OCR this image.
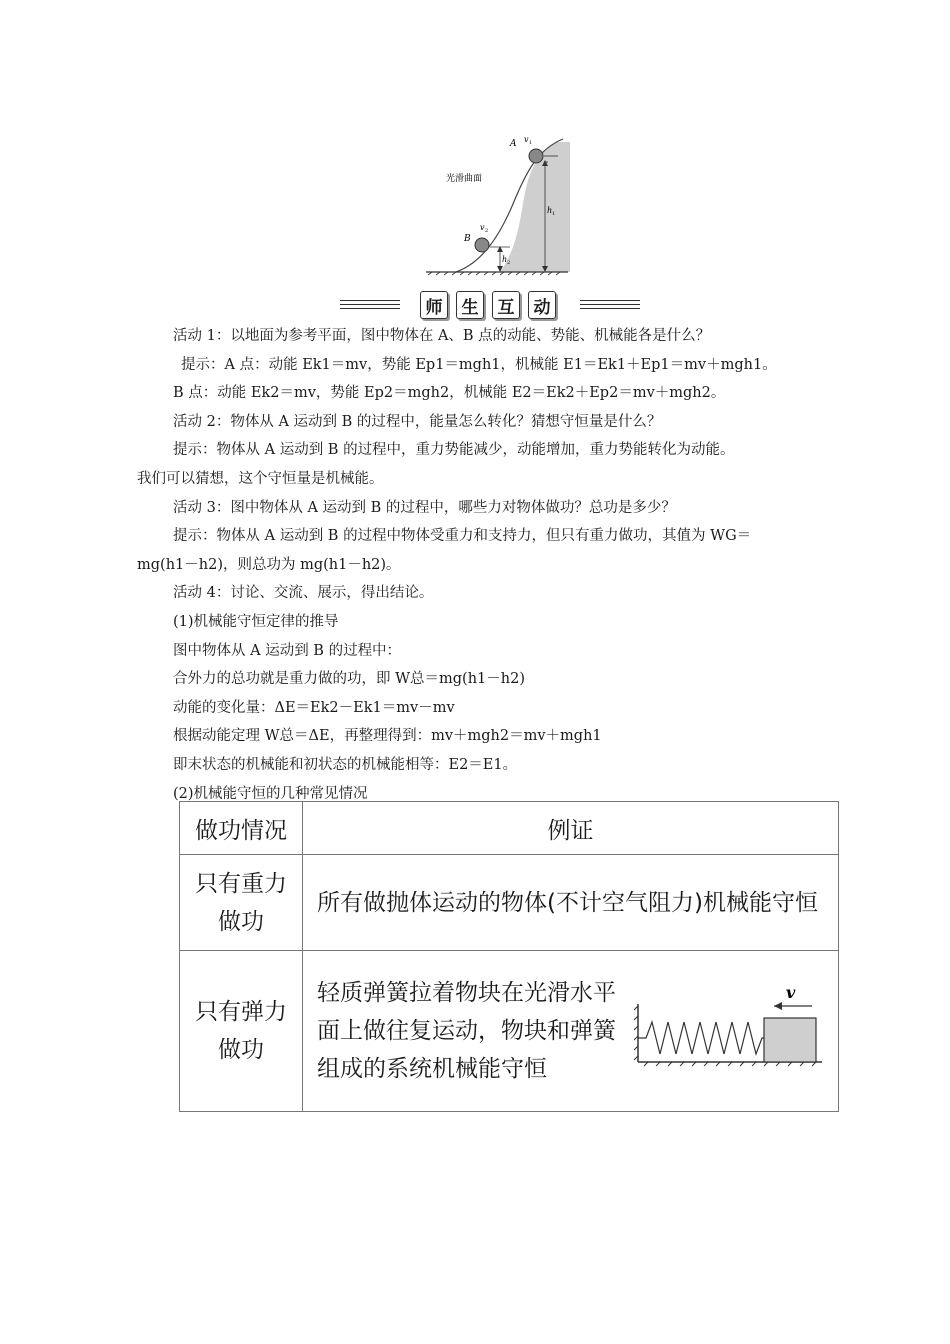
光滑曲面
A v 1
B
v 2
h 1
h 2
师	生	互	动

活动 1：以地面为参考平面，图中物体在 A、B 点的动能、势能、机械能各是什么？

提示：A 点：动能 Ek1＝mv，势能 Ep1＝mgh1，机械能 E1＝Ek1＋Ep1＝mv＋mgh1。

B 点：动能 Ek2＝mv，势能 Ep2＝mgh2，机械能 E2＝Ek2＋Ep2＝mv＋mgh2。

活动 2：物体从 A 运动到 B 的过程中，能量怎么转化？猜想守恒量是什么？

提示：物体从 A 运动到 B 的过程中，重力势能减少，动能增加，重力势能转化为动能。

我们可以猜想，这个守恒量是机械能。

活动 3：图中物体从 A 运动到 B 的过程中，哪些力对物体做功？总功是多少？

提示：物体从 A 运动到 B 的过程中物体受重力和支持力，但只有重力做功，其值为 WG＝

mg(h1－h2)，则总功为 mg(h1－h2)。

活动 4：讨论、交流、展示，得出结论。

(1)机械能守恒定律的推导

图中物体从 A 运动到 B 的过程中：

合外力的总功就是重力做的功，即 W总＝mg(h1－h2)

动能的变化量：ΔE＝Ek2－Ek1＝mv－mv

根据动能定理 W总＝ΔE，再整理得到：mv＋mgh2＝mv＋mgh1

即末状态的机械能和初状态的机械能相等：E2＝E1。

(2)机械能守恒的几种常见情况

做功情况	例证
只有重力做功	所有做抛体运动的物体(不计空气阻力)机械能守恒
只有弹力做功	轻质弹簧拉着物块在光滑水平面上做往复运动，物块和弹簧组成的系统机械能守恒
v
